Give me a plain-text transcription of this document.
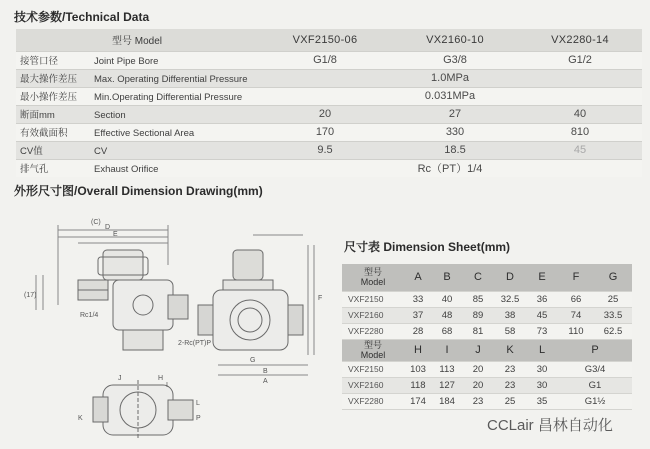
技术参数/Technical Data
型号 Model	VXF2150-06	VX2160-10	VX2280-14
接管口径 Joint Pipe Bore	G1/8	G3/8	G1/2
最大操作差压 Max. Operating Differential Pressure	1.0MPa		
最小操作差压 Min.Operating Differential Pressure	0.031MPa		
断面mm Section	20	27	40
有效截面积 Effective Sectional Area	170	330	810
CV值 CV	9.5	18.5	45
排气孔 Exhaust Orifice	Rc（PT）1/4		
外形尺寸图/Overall Dimension Drawing(mm)
(C)
D
E
F
(17)
Rc1/4
2-Rc(PT)P
G
B
A
K
L
P
H
I
J
尺寸表 Dimension Sheet(mm)
型号
Model	A	B	C	D	E	F	G
VXF2150	33	40	85	32.5	36	66	25
VXF2160	37	48	89	38	45	74	33.5
VXF2280	28	68	81	58	73	110	62.5

型号
Model	H	I	J	K	L	P	
VXF2150	103	113	20	23	30	G3/4	
VXF2160	118	127	20	23	30	G1	
VXF2280	174	184	23	25	35	G1½	
CCLair 昌林自动化
